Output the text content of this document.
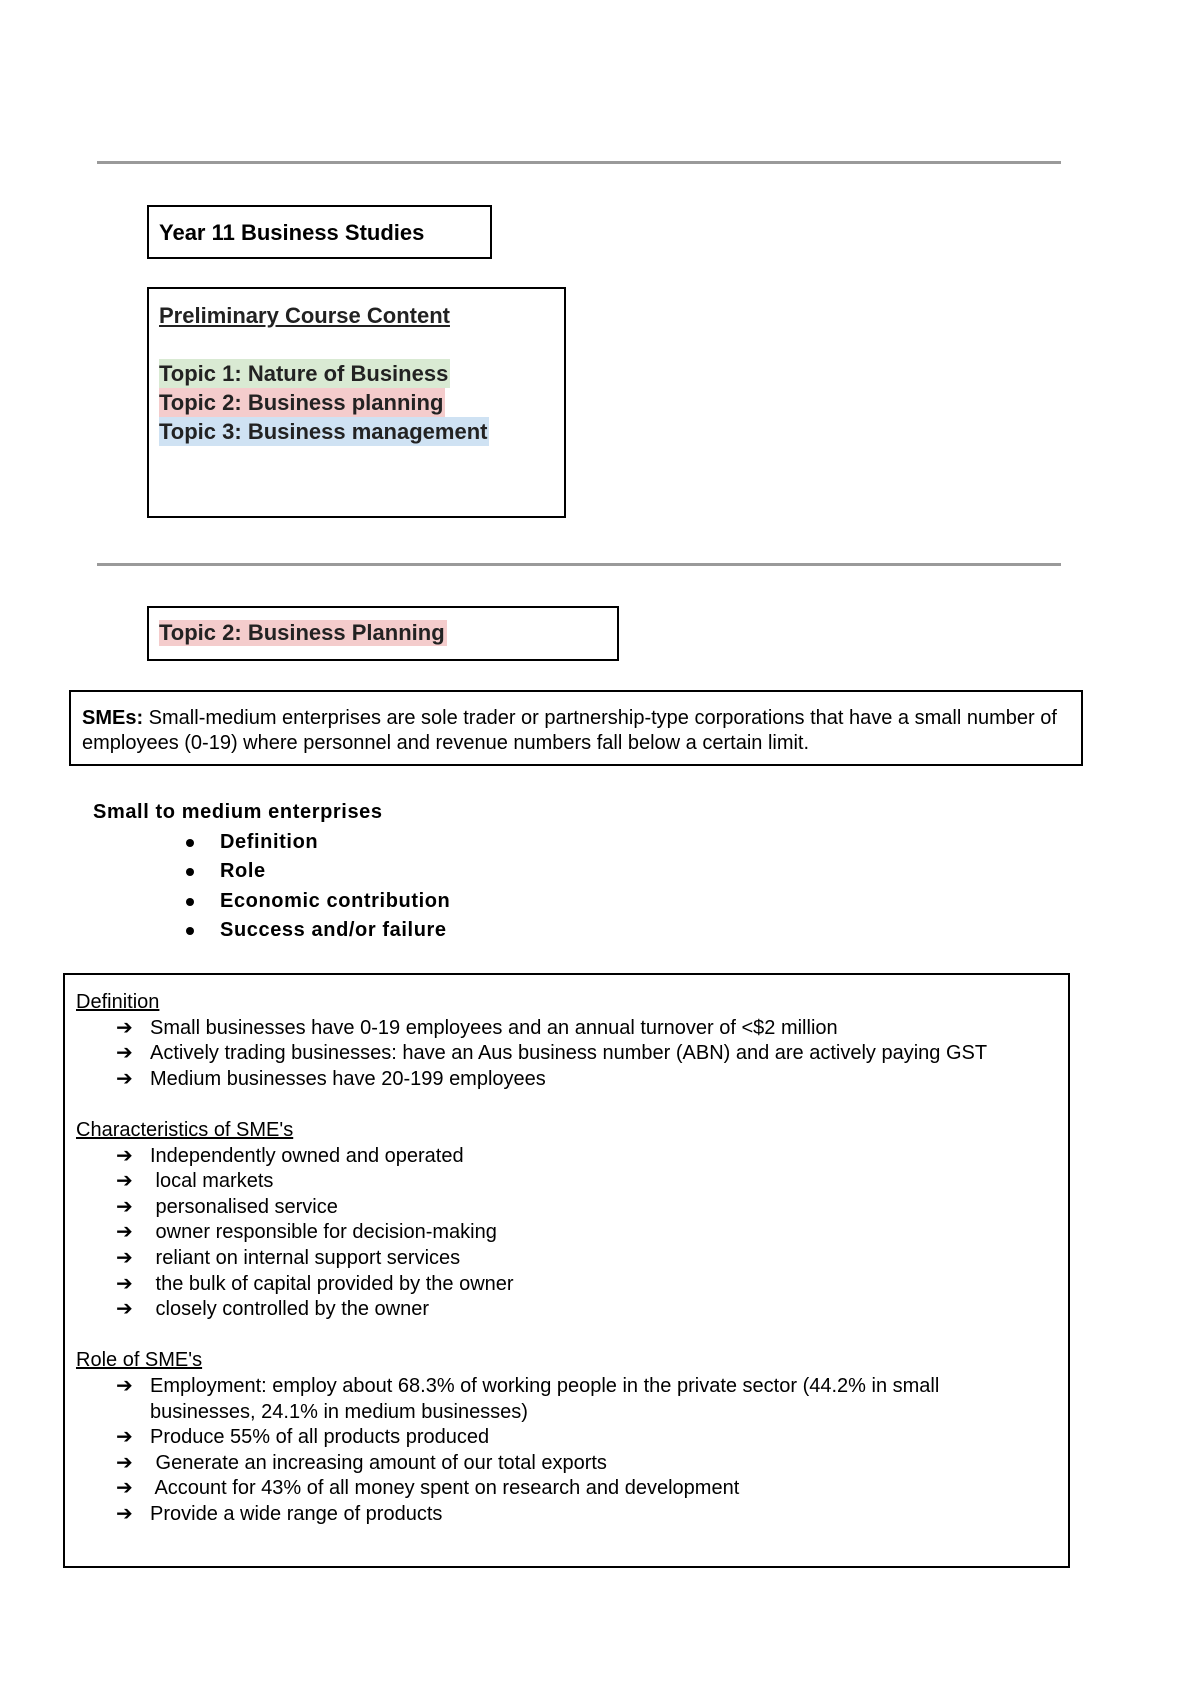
Year 11 Business Studies
Preliminary Course Content
Topic 1: Nature of Business
Topic 2: Business planning
Topic 3: Business management
Topic 2: Business Planning
SMEs: Small-medium enterprises are sole trader or partnership-type corporations that have a small number of employees (0-19) where personnel and revenue numbers fall below a certain limit.
Small to medium enterprises
Definition
Role
Economic contribution
Success and/or failure
Definition
➔ Small businesses have 0-19 employees and an annual turnover of <$2 million
➔ Actively trading businesses: have an Aus business number (ABN) and are actively paying GST
➔ Medium businesses have 20-199 employees
Characteristics of SME's
➔ Independently owned and operated
➔ local markets
➔ personalised service
➔ owner responsible for decision-making
➔ reliant on internal support services
➔ the bulk of capital provided by the owner
➔ closely controlled by the owner
Role of SME's
➔ Employment: employ about 68.3% of working people in the private sector (44.2% in small businesses, 24.1% in medium businesses)
➔ Produce 55% of all products produced
➔ Generate an increasing amount of our total exports
➔ Account for 43% of all money spent on research and development
➔ Provide a wide range of products
